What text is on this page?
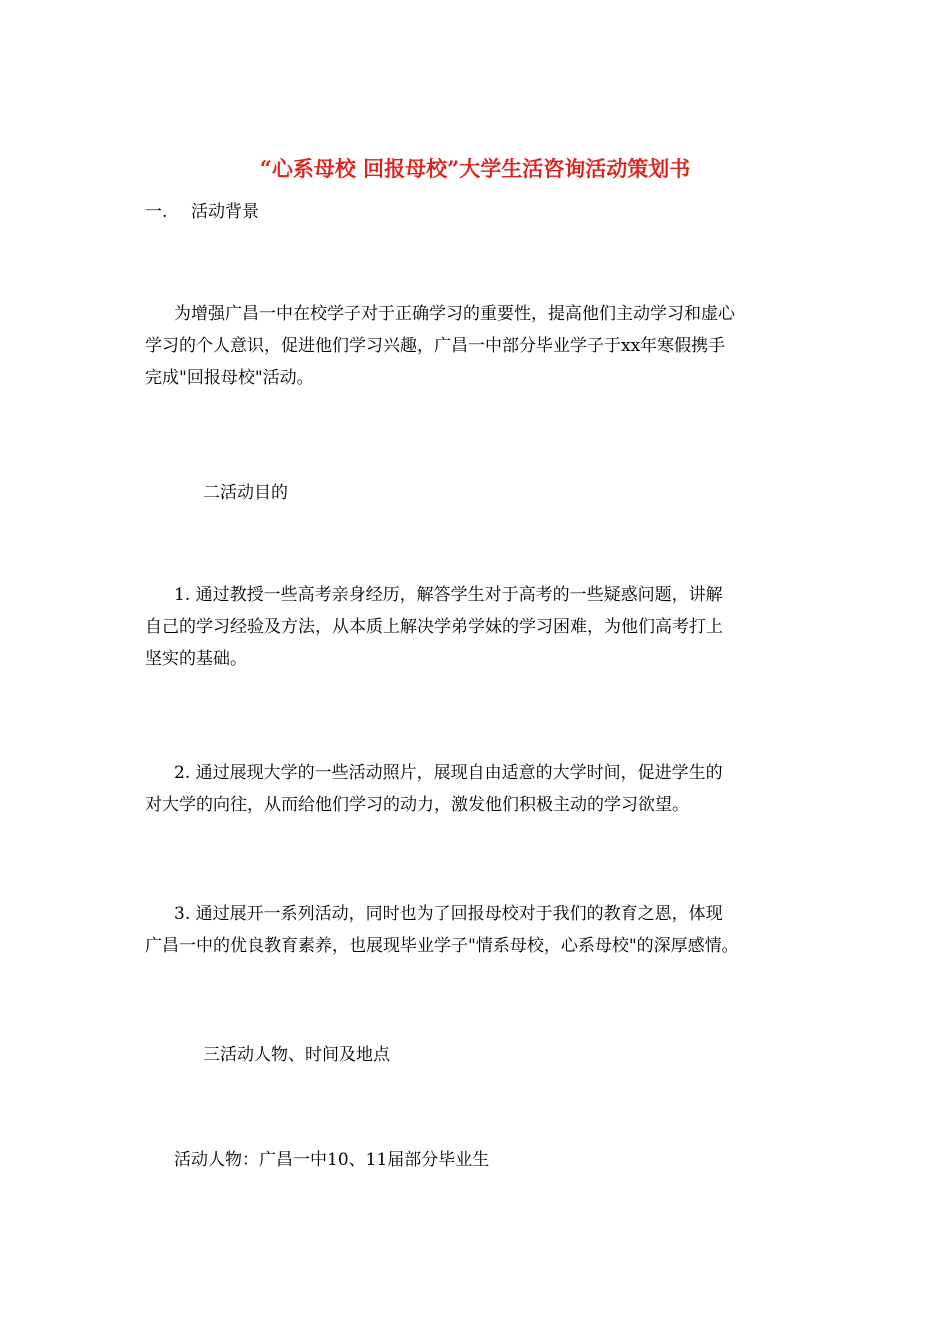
“心系母校 回报母校”大学生活咨询活动策划书
一. 活动背景
为增强广昌一中在校学子对于正确学习的重要性，提高他们主动学习和虚心
学习的个人意识，促进他们学习兴趣，广昌一中部分毕业学子于xx年寒假携手
完成"回报母校"活动。
二.活动目的
1. 通过教授一些高考亲身经历，解答学生对于高考的一些疑惑问题，讲解
自己的学习经验及方法，从本质上解决学弟学妹的学习困难，为他们高考打上
坚实的基础。
2. 通过展现大学的一些活动照片，展现自由适意的大学时间，促进学生的
对大学的向往，从而给他们学习的动力，激发他们积极主动的学习欲望。
3. 通过展开一系列活动，同时也为了回报母校对于我们的教育之恩，体现
广昌一中的优良教育素养，也展现毕业学子"情系母校，心系母校"的深厚感情。
三.活动人物、时间及地点
活动人物：广昌一中10、11届部分毕业生
